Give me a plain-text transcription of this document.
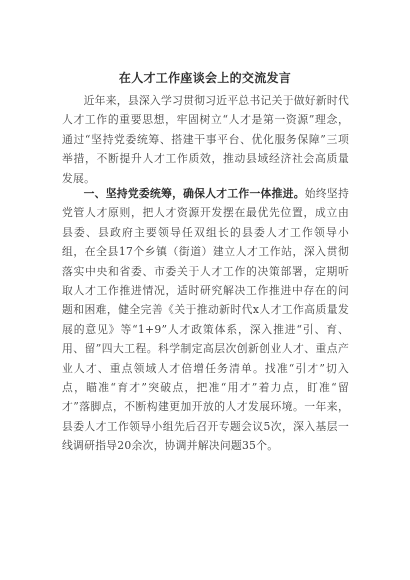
在人才工作座谈会上的交流发言
近年来，县深入学习贯彻习近平总书记关于做好新时代人才工作的重要思想，牢固树立“人才是第一资源”理念，通过“坚持党委统筹、搭建干事平台、优化服务保障”三项举措，不断提升人才工作质效，推动县域经济社会高质量发展。
一、坚持党委统筹，确保人才工作一体推进。始终坚持党管人才原则，把人才资源开发摆在最优先位置，成立由县委、县政府主要领导任双组长的县委人才工作领导小组，在全县17个乡镇（街道）建立人才工作站，深入贯彻落实中央和省委、市委关于人才工作的决策部署，定期听取人才工作推进情况，适时研究解决工作推进中存在的问题和困难，健全完善《关于推动新时代x人才工作高质量发展的意见》等“1+9”人才政策体系，深入推进“引、育、用、留”四大工程。科学制定高层次创新创业人才、重点产业人才、重点领域人才倍增任务清单。找准“引才”切入点，瞄准“育才”突破点，把准“用才”着力点，盯准“留才”落脚点，不断构建更加开放的人才发展环境。一年来，县委人才工作领导小组先后召开专题会议5次，深入基层一线调研指导20余次，协调并解决问题35个。
